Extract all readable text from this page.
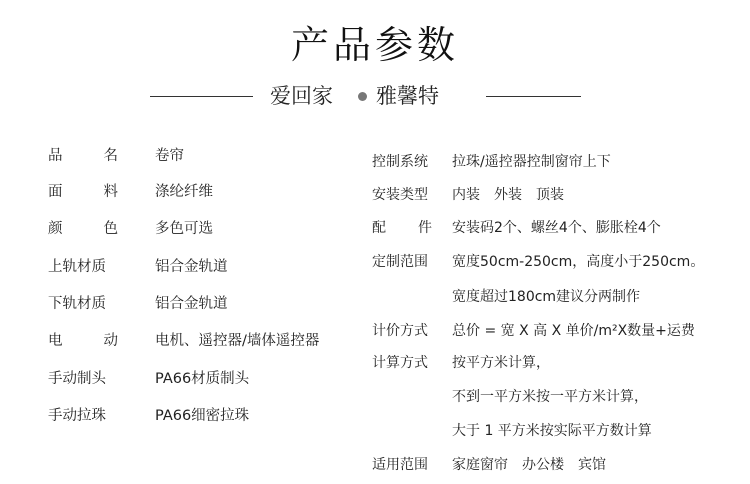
产品参数
爱回家 雅馨特
品	名	卷帘
面	料	涤纶纤维
颜	色	多色可选
上轨材质	铝合金轨道
下轨材质	铝合金轨道
电	动	电机、遥控器/墙体遥控器
手动制头	PA66材质制头
手动拉珠	PA66细密拉珠
控制系统 拉珠/遥控器控制窗帘上下
安装类型 内装　外装　顶装
配 件 安装码2个、螺丝4个、膨胀栓4个
定制范围 宽度50cm-250cm，高度小于250cm。
宽度超过180cm建议分两制作
计价方式 总价 = 宽 X 高 X 单价/m²X数量+运费
计算方式 按平方米计算，
不到一平方米按一平方米计算，
大于 1 平方米按实际平方数计算
适用范围 家庭窗帘　办公楼　宾馆
